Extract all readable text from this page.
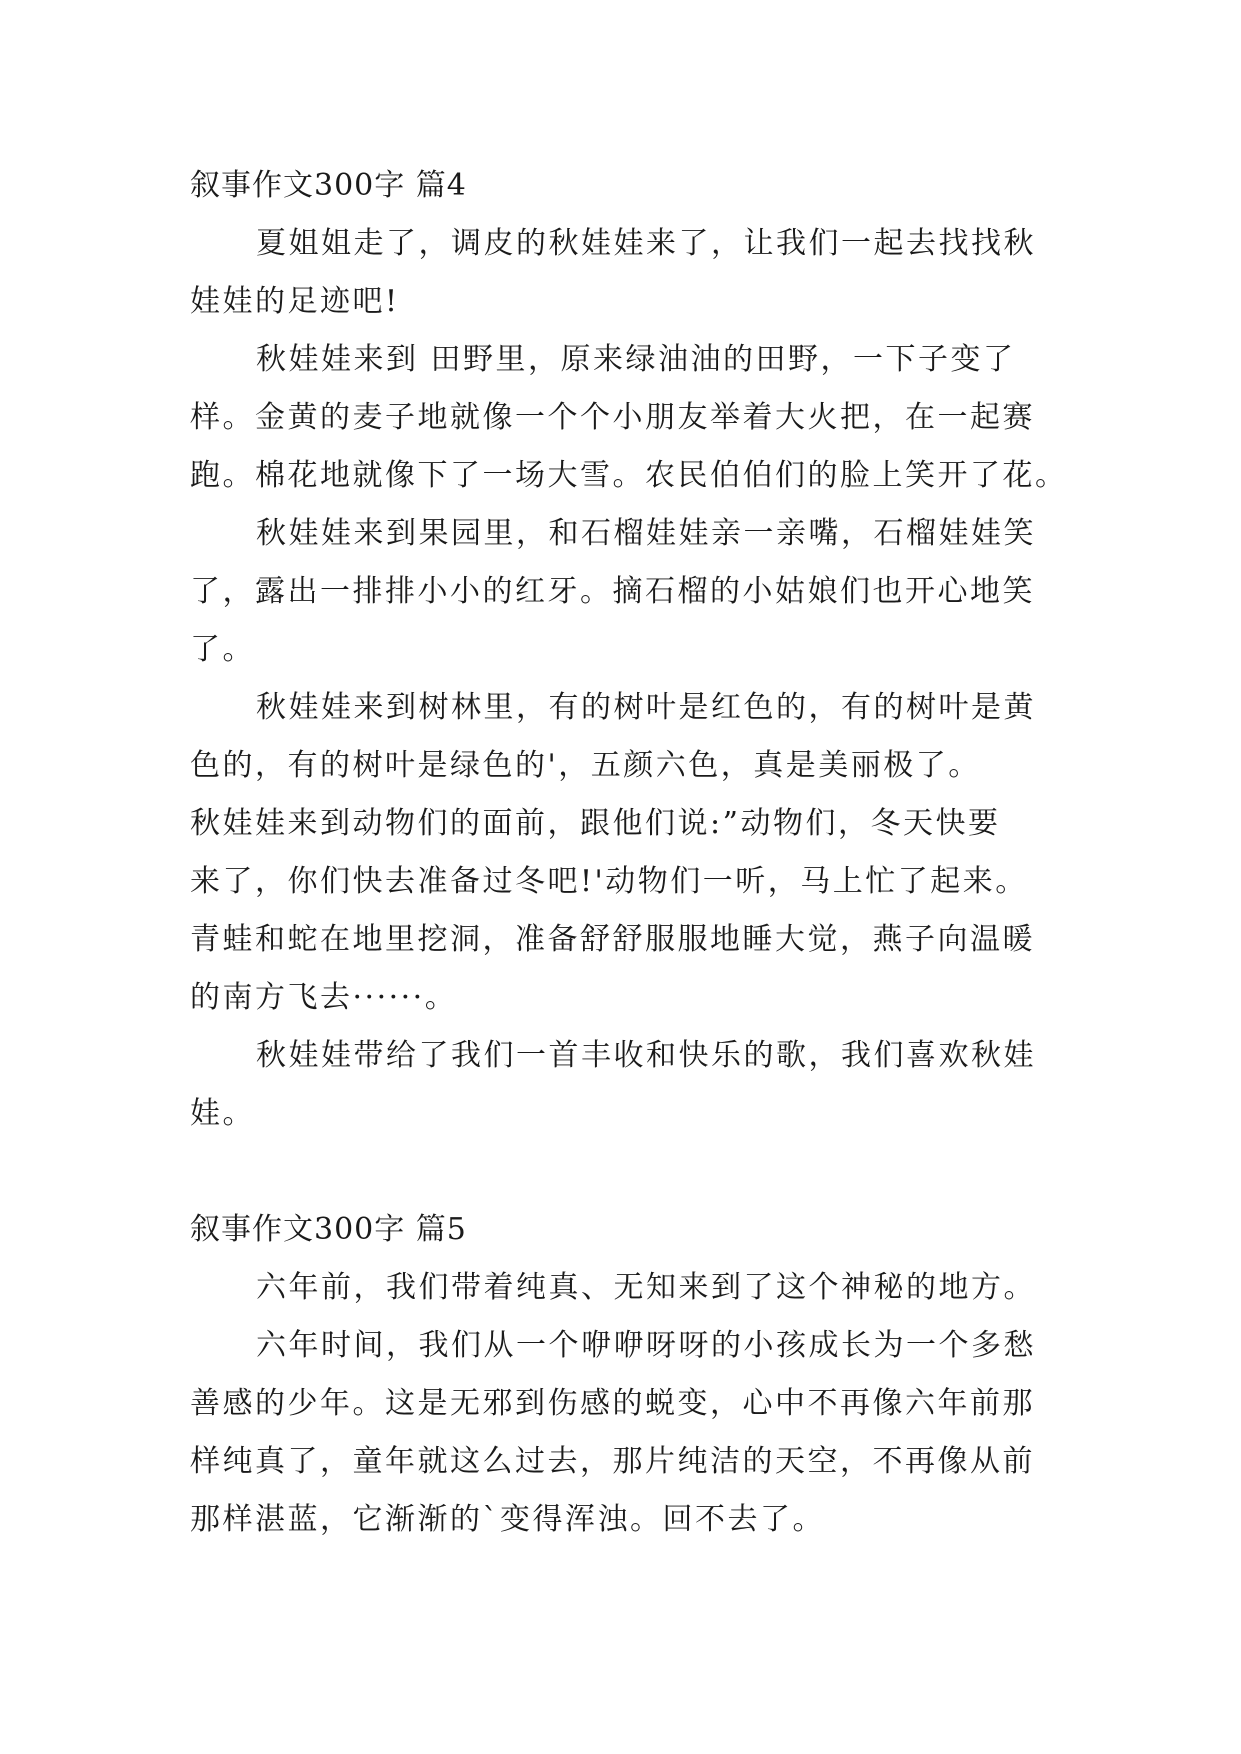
叙事作文300字 篇4
夏姐姐走了，调皮的秋娃娃来了，让我们一起去找找秋
娃娃的足迹吧!
秋娃娃来到 田野里，原来绿油油的田野，一下子变了
样。金黄的麦子地就像一个个小朋友举着大火把，在一起赛
跑。棉花地就像下了一场大雪。农民伯伯们的脸上笑开了花。
秋娃娃来到果园里，和石榴娃娃亲一亲嘴，石榴娃娃笑
了，露出一排排小小的红牙。摘石榴的小姑娘们也开心地笑
了。
秋娃娃来到树林里，有的树叶是红色的，有的树叶是黄
色的，有的树叶是绿色的'，五颜六色，真是美丽极了。
秋娃娃来到动物们的面前，跟他们说:”动物们，冬天快要
来了，你们快去准备过冬吧!'动物们一听，马上忙了起来。
青蛙和蛇在地里挖洞，准备舒舒服服地睡大觉，燕子向温暖
的南方飞去······。
秋娃娃带给了我们一首丰收和快乐的歌，我们喜欢秋娃
娃。
叙事作文300字 篇5
六年前，我们带着纯真、无知来到了这个神秘的地方。
六年时间，我们从一个咿咿呀呀的小孩成长为一个多愁
善感的少年。这是无邪到伤感的蜕变，心中不再像六年前那
样纯真了，童年就这么过去，那片纯洁的天空，不再像从前
那样湛蓝，它渐渐的`变得浑浊。回不去了。
